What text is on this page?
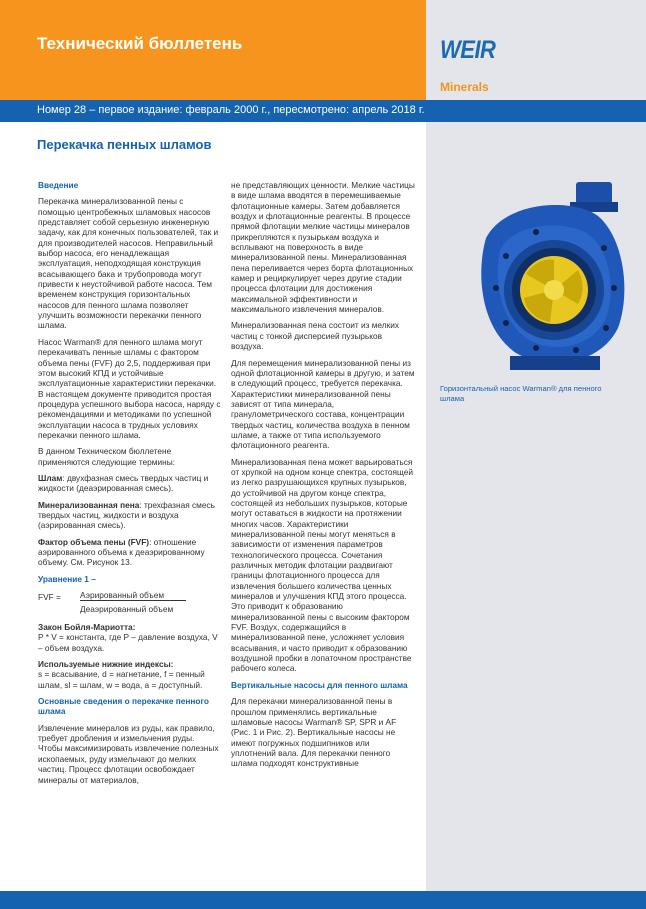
Технический бюллетень	WEIR
Minerals
Номер 28 – первое издание: февраль 2000 г., пересмотрено: апрель 2018 г.
Перекачка пенных шламов
Введение

Перекачка минерализованной пены с помощью центробежных шламовых насосов представляет собой серьезную инженерную задачу, как для конечных пользователей, так и для производителей насосов. Неправильный выбор насоса, его ненадлежащая эксплуатация, неподходящая конструкция всасывающего бака и трубопровода могут привести к неустойчивой работе насоса. Тем временем конструкция горизонтальных насосов для пенного шлама позволяет улучшить возможности перекачки пенного шлама.

Насос Warman® для пенного шлама могут перекачивать пенные шламы с фактором объема пены (FVF) до 2,5, поддерживая при этом высокий КПД и устойчивые эксплуатационные характеристики перекачки. В настоящем документе приводится простая процедура успешного выбора насоса, наряду с рекомендациями и методиками по успешной эксплуатации насоса в трудных условиях перекачки пенного шлама.

В данном Техническом бюллетене применяются следующие термины:

Шлам: двухфазная смесь твердых частиц и жидкости (деаэрированная смесь).

Минерализованная пена: трехфазная смесь твердых частиц, жидкости и воздуха (аэрированная смесь).

Фактор объема пены (FVF): отношение аэрированного объема к деаэрированному объему. См. Рисунок 13.

Уравнение 1 –
FVF = Аэрированный объем
Деаэрированный объем
Закон Бойля-Мариотта:

P * V = константа, где P – давление воздуха, V – объем воздуха.

Используемые нижние индексы:

s = всасывание, d = нагнетание, f = пенный шлам, sl = шлам, w = вода, a = доступный.

Основные сведения о перекачке пенного шлама

Извлечение минералов из руды, как правило, требует дробления и измельчения руды. Чтобы максимизировать извлечение полезных ископаемых, руду измельчают до мелких частиц. Процесс флотации освобождает минералы от материалов,

не представляющих ценности. Мелкие частицы в виде шлама вводятся в перемешиваемые флотационные камеры. Затем добавляется воздух и флотационные реагенты. В процессе прямой флотации мелкие частицы минералов прикрепляются к пузырькам воздуха и всплывают на поверхность в виде минерализованной пены. Минерализованная пена переливается через борта флотационных камер и рециркулирует через другие стадии процесса флотации для достижения максимальной эффективности и максимального извлечения минералов.

Минерализованная пена состоит из мелких частиц с тонкой дисперсией пузырьков воздуха.

Для перемещения минерализованной пены из одной флотационной камеры в другую, и затем в следующий процесс, требуется перекачка. Характеристики минерализованной пены зависят от типа минерала, гранулометрического состава, концентрации твердых частиц, количества воздуха в пенном шламе, а также от типа используемого флотационного реагента.

Минерализованная пена может варьироваться от хрупкой на одном конце спектра, состоящей из легко разрушающихся крупных пузырьков, до устойчивой на другом конце спектра, состоящей из небольших пузырьков, которые могут оставаться в жидкости на протяжении многих часов. Характеристики минерализованной пены могут меняться в зависимости от изменения параметров технологического процесса. Сочетания различных методик флотации раздвигают границы флотационного процесса для извлечения большего количества ценных минералов и улучшения КПД этого процесса. Это приводит к образованию минерализованной пены с высоким фактором FVF. Воздух, содержащийся в минерализованной пене, усложняет условия всасывания, и часто приводит к образованию воздушной пробки в лопаточном пространстве рабочего колеса.

Вертикальные насосы для пенного шлама

Для перекачки минерализованной пены в прошлом применялись вертикальные шламовые насосы Warman® SP, SPR и AF (Рис. 1 и Рис. 2). Вертикальные насосы не имеют погружных подшипников или уплотнений вала. Для перекачки пенного шлама подходят конструктивные

Горизонтальный насос Warman® для пенного шлама
